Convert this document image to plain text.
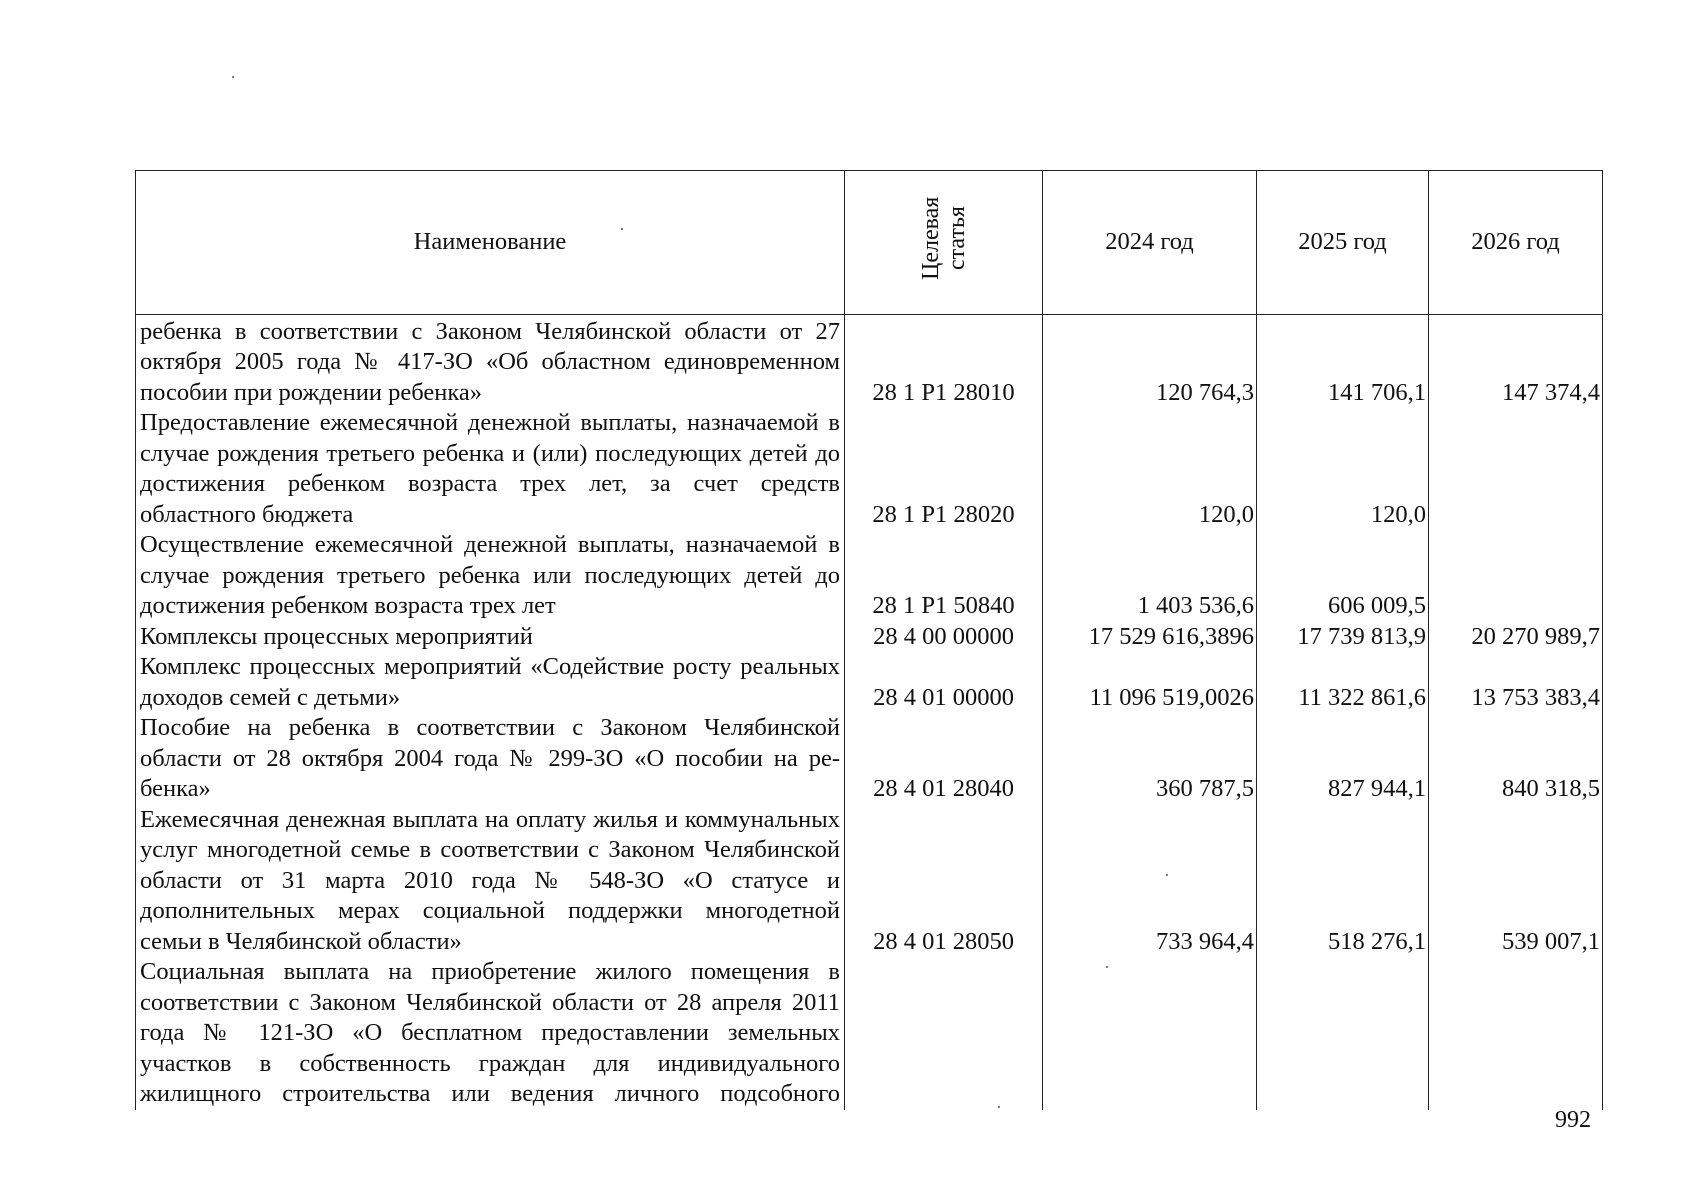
Наименование	Целевая статья	2024 год	2025 год	2026 год
ребенка в соответствии с Законом Челябинской области от 27 октября 2005 года № 417-ЗО «Об областном единовременном пособии при рождении ребенка»	28 1 P1 28010	120 764,3	141 706,1	147 374,4
Предоставление ежемесячной денежной выплаты, назначаемой в случае рождения третьего ребенка и (или) последующих детей до достижения ребенком возраста трех лет, за счет средств областного бюджета	28 1 P1 28020	120,0	120,0	
Осуществление ежемесячной денежной выплаты, назначаемой в случае рождения третьего ребенка или последующих детей до достижения ребенком возраста трех лет	28 1 P1 50840	1 403 536,6	606 009,5	
Комплексы процессных мероприятий	28 4 00 00000	17 529 616,3896	17 739 813,9	20 270 989,7
Комплекс процессных мероприятий «Содействие росту реальных доходов семей с детьми»	28 4 01 00000	11 096 519,0026	11 322 861,6	13 753 383,4
Пособие на ребенка в соответствии с Законом Челябинской области от 28 октября 2004 года № 299-ЗО «О пособии на ребенка»	28 4 01 28040	360 787,5	827 944,1	840 318,5
Ежемесячная денежная выплата на оплату жилья и коммунальных услуг многодетной семье в соответствии с Законом Челябинской области от 31 марта 2010 года № 548-ЗО «О статусе и дополнительных мерах социальной поддержки многодетной семьи в Челябинской области»	28 4 01 28050	733 964,4	518 276,1	539 007,1
Социальная выплата на приобретение жилого помещения в соответствии с Законом Челябинской области от 28 апреля 2011 года № 121-ЗО «О бесплатном предоставлении земельных участков в собственность граждан для индивидуального жилищного строительства или ведения личного подсобного				
992
